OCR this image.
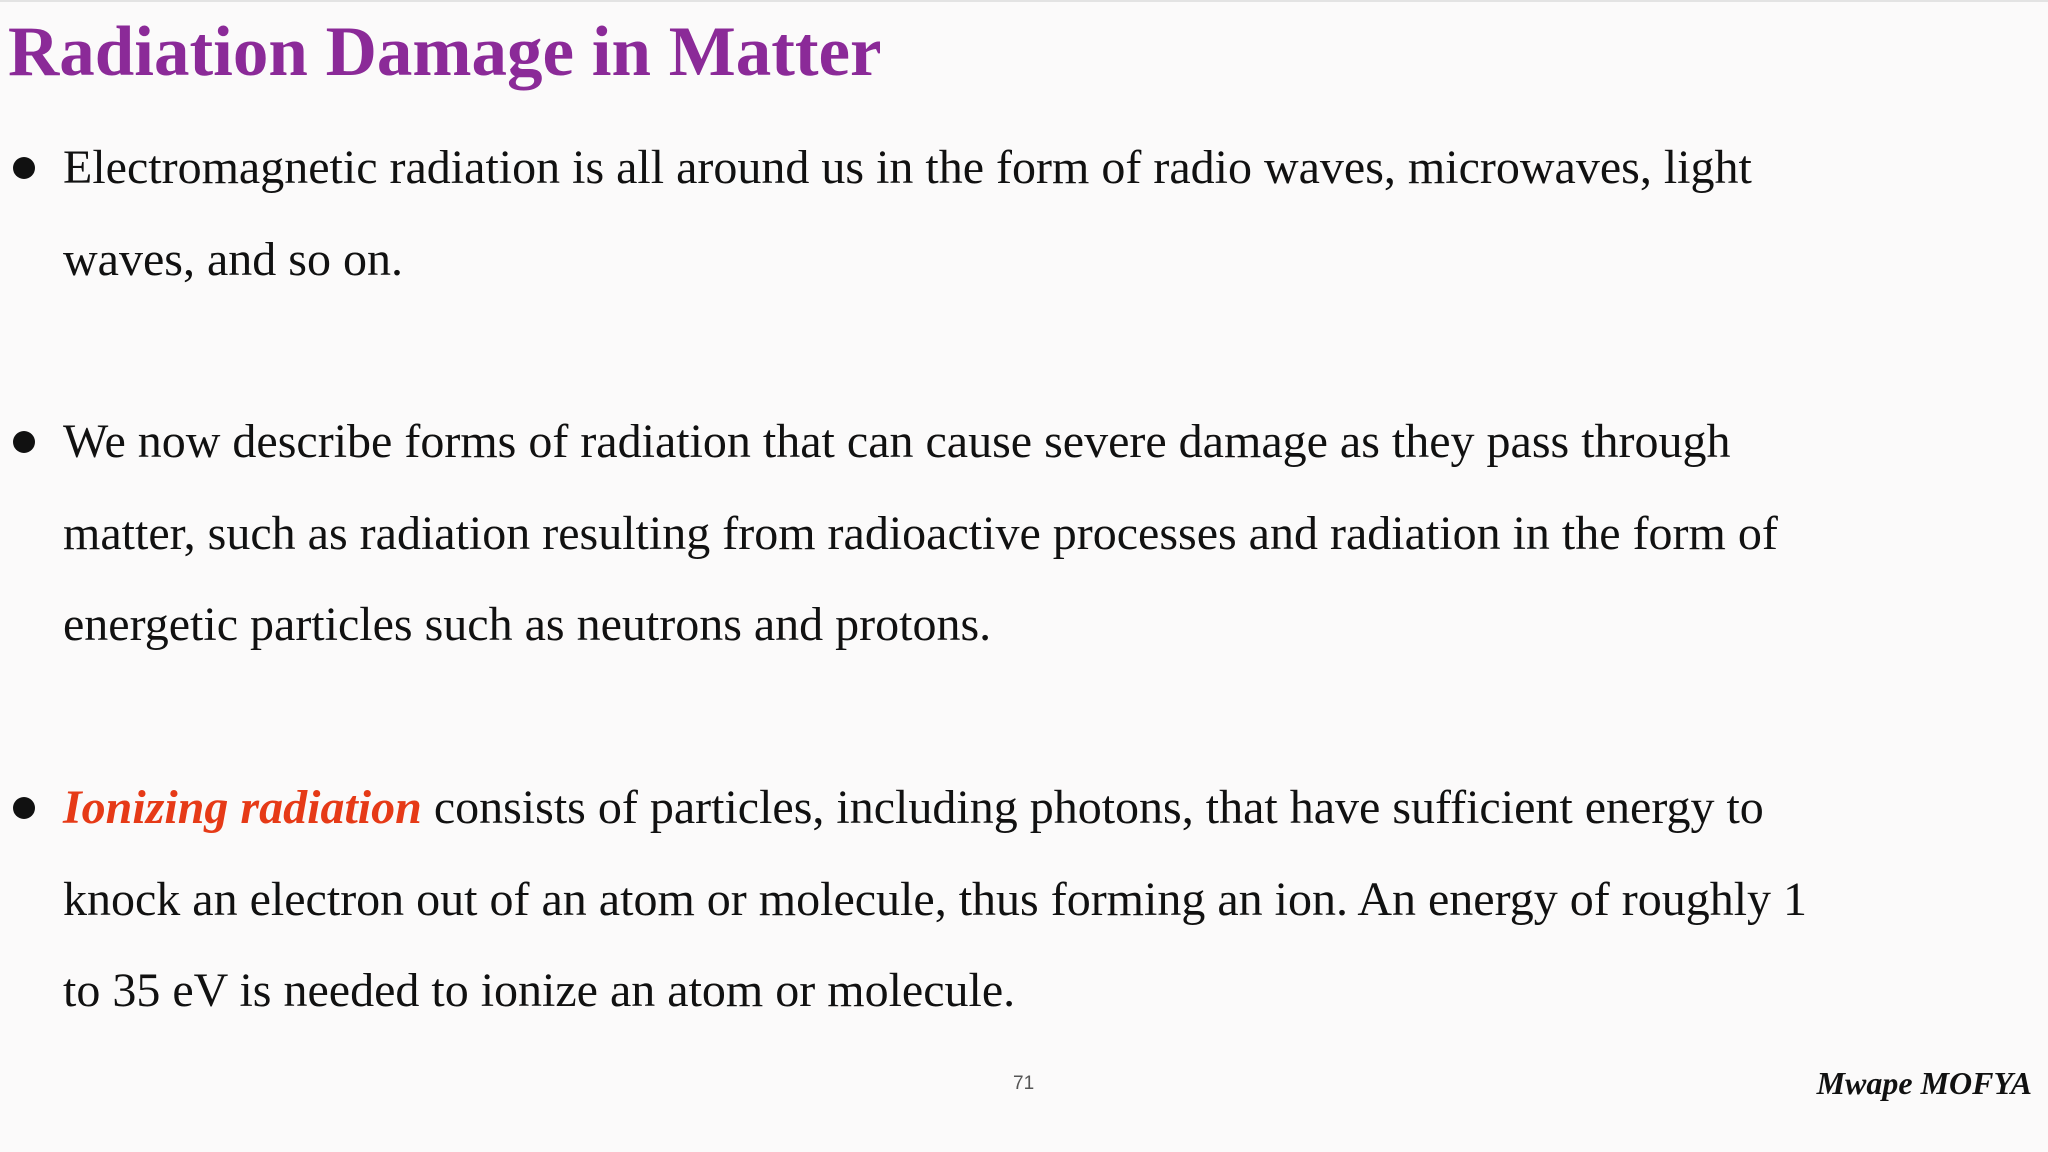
Radiation Damage in Matter
Electromagnetic radiation is all around us in the form of radio waves, microwaves, light
waves, and so on.
We now describe forms of radiation that can cause severe damage as they pass through
matter, such as radiation resulting from radioactive processes and radiation in the form of
energetic particles such as neutrons and protons.
Ionizing radiation consists of particles, including photons, that have sufficient energy to
knock an electron out of an atom or molecule, thus forming an ion. An energy of roughly 1
to 35 eV is needed to ionize an atom or molecule.
71	Mwape MOFYA
